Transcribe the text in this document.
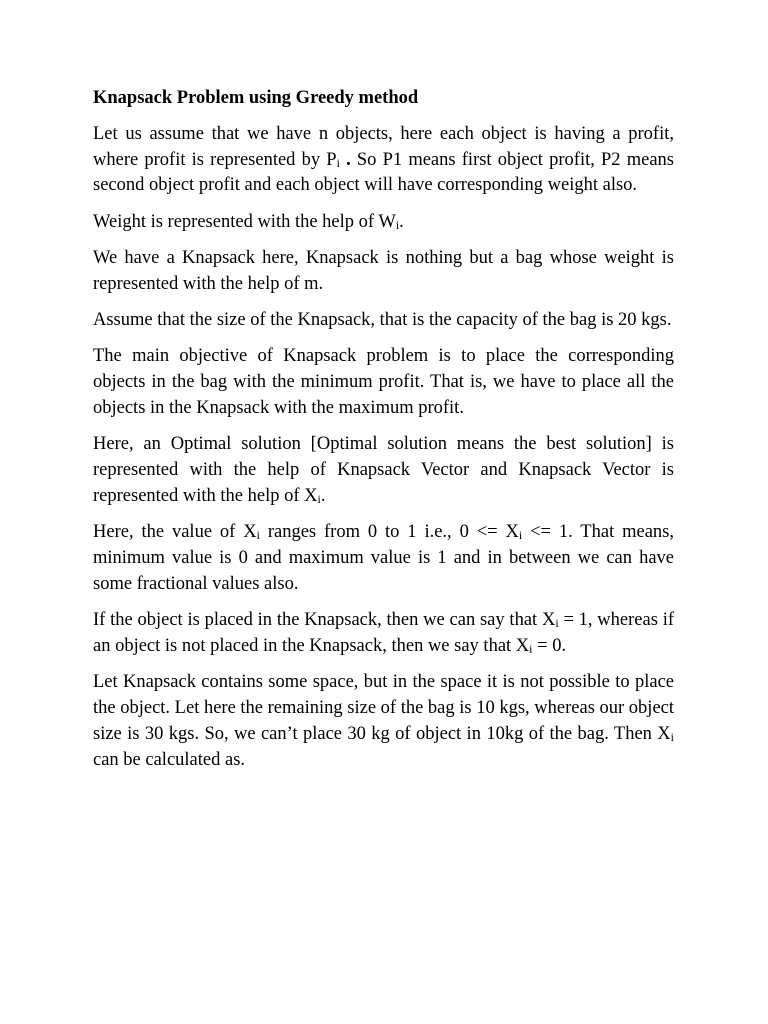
Knapsack Problem using Greedy method

Let us assume that we have n objects, here each object is having a profit, where profit is represented by $P_i$ . So P1 means first object profit, P2 means second object profit and each object will have corresponding weight also.

Weight is represented with the help of $W_i$.

We have a Knapsack here, Knapsack is nothing but a bag whose weight is represented with the help of m.

Assume that the size of the Knapsack, that is the capacity of the bag is 20 kgs.

The main objective of Knapsack problem is to place the corresponding objects in the bag with the minimum profit. That is, we have to place all the objects in the Knapsack with the maximum profit.

Here, an Optimal solution [Optimal solution means the best solution] is represented with the help of Knapsack Vector and Knapsack Vector is represented with the help of $X_i$.

Here, the value of $X_i$ ranges from 0 to 1 i.e., $0 <= X_i <= 1$. That means, minimum value is 0 and maximum value is 1 and in between we can have some fractional values also.

If the object is placed in the Knapsack, then we can say that $X_i = 1$, whereas if an object is not placed in the Knapsack, then we say that $X_i = 0$.

Let Knapsack contains some space, but in the space it is not possible to place the object. Let here the remaining size of the bag is 10 kgs, whereas our object size is 30 kgs. So, we can’t place 30 kg of object in 10kg of the bag. Then $X_i$ can be calculated as.
